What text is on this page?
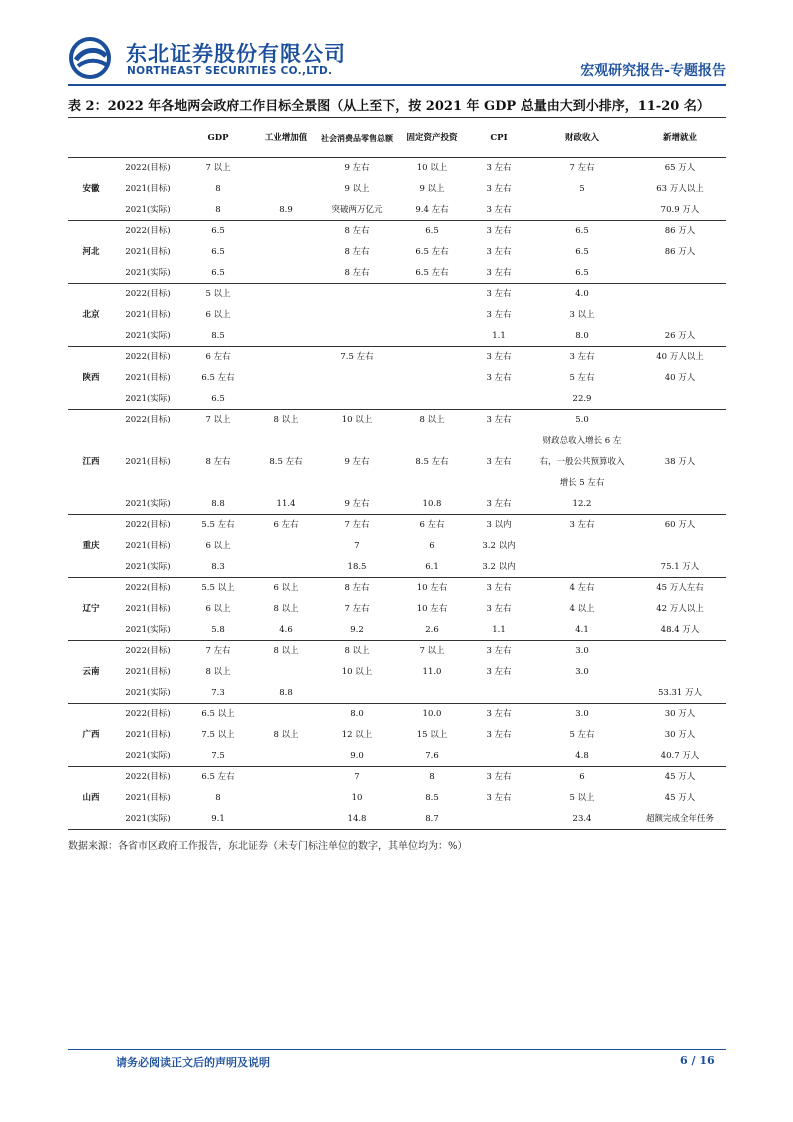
东北证券股份有限公司
NORTHEAST SECURITIES CO.,LTD.	宏观研究报告-专题报告
表 2：2022 年各地两会政府工作目标全景图（从上至下，按 2021 年 GDP 总量由大到小排序，11-20 名）
		GDP	工业增加值	社会消费品零售总额	固定资产投资	CPI	财政收入	新增就业
安徽	2022(目标)	7 以上		9 左右	10 以上	3 左右	7 左右	65 万人
	2021(目标)	8		9 以上	9 以上	3 左右	5	63 万人以上
	2021(实际)	8	8.9	突破两万亿元	9.4 左右	3 左右		70.9 万人
河北	2022(目标)	6.5		8 左右	6.5	3 左右	6.5	86 万人
	2021(目标)	6.5		8 左右	6.5 左右	3 左右	6.5	86 万人
	2021(实际)	6.5		8 左右	6.5 左右	3 左右	6.5	
北京	2022(目标)	5 以上				3 左右	4.0	
	2021(目标)	6 以上				3 左右	3 以上	
	2021(实际)	8.5				1.1	8.0	26 万人
陕西	2022(目标)	6 左右		7.5 左右		3 左右	3 左右	40 万人以上
	2021(目标)	6.5 左右				3 左右	5 左右	40 万人
	2021(实际)	6.5					22.9	
江西	2022(目标)	7 以上	8 以上	10 以上	8 以上	3 左右	5.0	
	2021(目标)	8 左右	8.5 左右	9 左右	8.5 左右	3 左右	财政总收入增长 6 左右，一般公共预算收入增长 5 左右	38 万人
	2021(实际)	8.8	11.4	9 左右	10.8	3 左右	12.2	
重庆	2022(目标)	5.5 左右	6 左右	7 左右	6 左右	3 以内	3 左右	60 万人
	2021(目标)	6 以上		7	6	3.2 以内		
	2021(实际)	8.3		18.5	6.1	3.2 以内		75.1 万人
辽宁	2022(目标)	5.5 以上	6 以上	8 左右	10 左右	3 左右	4 左右	45 万人左右
	2021(目标)	6 以上	8 以上	7 左右	10 左右	3 左右	4 以上	42 万人以上
	2021(实际)	5.8	4.6	9.2	2.6	1.1	4.1	48.4 万人
云南	2022(目标)	7 左右	8 以上	8 以上	7 以上	3 左右	3.0	
	2021(目标)	8 以上		10 以上	11.0	3 左右	3.0	
	2021(实际)	7.3	8.8					53.31 万人
广西	2022(目标)	6.5 以上		8.0	10.0	3 左右	3.0	30 万人
	2021(目标)	7.5 以上	8 以上	12 以上	15 以上	3 左右	5 左右	30 万人
	2021(实际)	7.5		9.0	7.6		4.8	40.7 万人
山西	2022(目标)	6.5 左右		7	8	3 左右	6	45 万人
	2021(目标)	8		10	8.5	3 左右	5 以上	45 万人
	2021(实际)	9.1		14.8	8.7		23.4	超额完成全年任务
数据来源：各省市区政府工作报告，东北证券（未专门标注单位的数字，其单位均为：%）
请务必阅读正文后的声明及说明	6 / 16
